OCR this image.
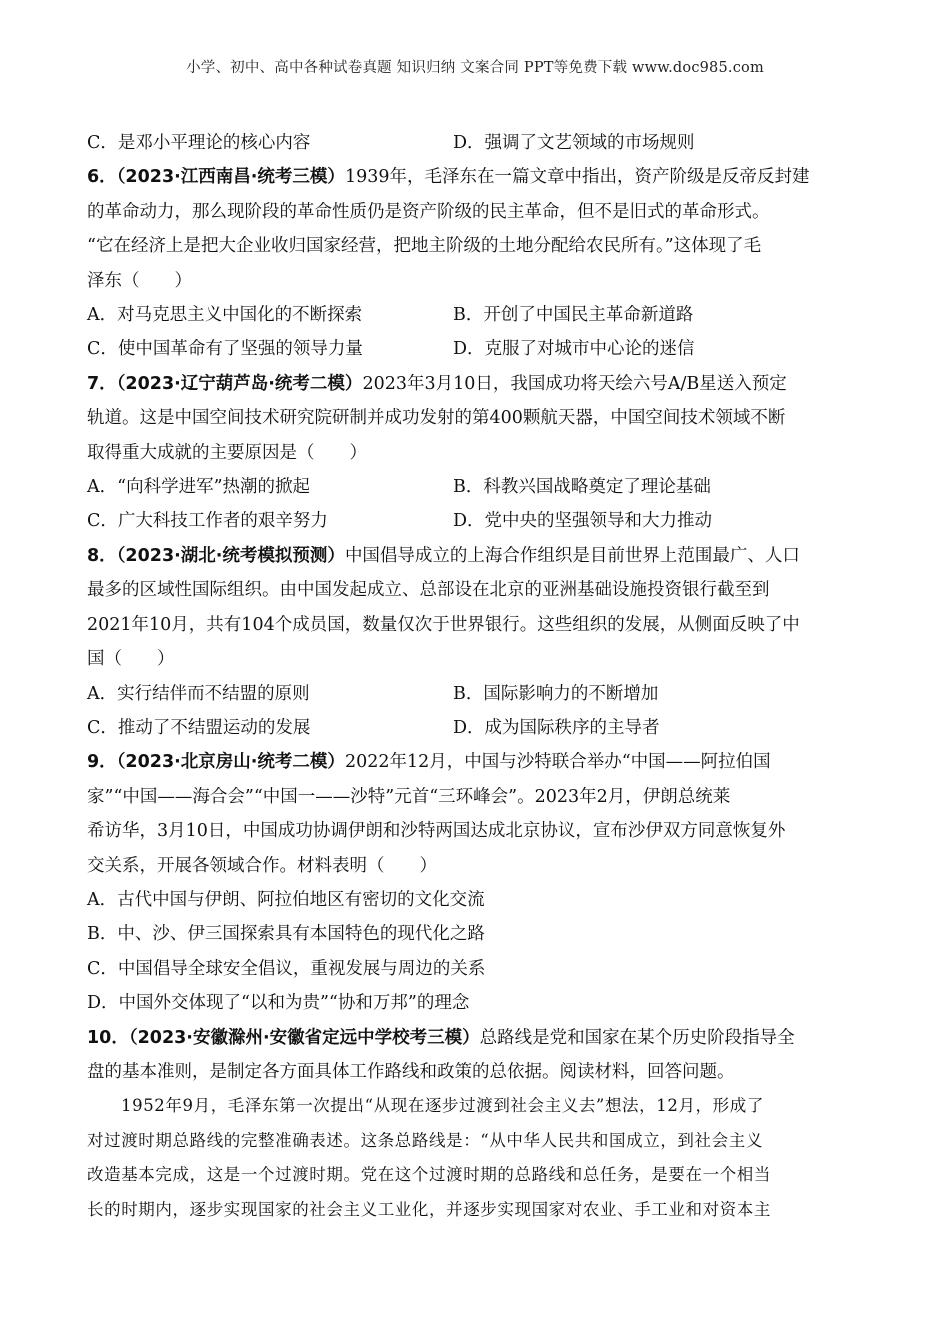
小学、初中、高中各种试卷真题 知识归纳 文案合同 PPT等免费下载 www.doc985.com
C．是邓小平理论的核心内容	D．强调了文艺领域的市场规则
6．（2023·江西南昌·统考三模）1939年，毛泽东在一篇文章中指出，资产阶级是反帝反封建
的革命动力，那么现阶段的革命性质仍是资产阶级的民主革命，但不是旧式的革命形式。
“它在经济上是把大企业收归国家经营，把地主阶级的土地分配给农民所有。”这体现了毛
泽东（　　）
A．对马克思主义中国化的不断探索	B．开创了中国民主革命新道路
C．使中国革命有了坚强的领导力量	D．克服了对城市中心论的迷信
7．（2023·辽宁葫芦岛·统考二模）2023年3月10日，我国成功将天绘六号A/B星送入预定
轨道。这是中国空间技术研究院研制并成功发射的第400颗航天器，中国空间技术领域不断
取得重大成就的主要原因是（　　）
A．“向科学进军”热潮的掀起	B．科教兴国战略奠定了理论基础
C．广大科技工作者的艰辛努力	D．党中央的坚强领导和大力推动
8．（2023·湖北·统考模拟预测）中国倡导成立的上海合作组织是目前世界上范围最广、人口
最多的区域性国际组织。由中国发起成立、总部设在北京的亚洲基础设施投资银行截至到
2021年10月，共有104个成员国，数量仅次于世界银行。这些组织的发展，从侧面反映了中
国（　　）
A．实行结伴而不结盟的原则	B．国际影响力的不断增加
C．推动了不结盟运动的发展	D．成为国际秩序的主导者
9．（2023·北京房山·统考二模）2022年12月，中国与沙特联合举办“中国——阿拉伯国
家”“中国——海合会”“中国一——沙特”元首“三环峰会”。2023年2月，伊朗总统莱
希访华，3月10日，中国成功协调伊朗和沙特两国达成北京协议，宣布沙伊双方同意恢复外
交关系，开展各领域合作。材料表明（　　）
A．古代中国与伊朗、阿拉伯地区有密切的文化交流
B．中、沙、伊三国探索具有本国特色的现代化之路
C．中国倡导全球安全倡议，重视发展与周边的关系
D．中国外交体现了“以和为贵”“协和万邦”的理念
10．（2023·安徽滁州·安徽省定远中学校考三模）总路线是党和国家在某个历史阶段指导全
盘的基本准则，是制定各方面具体工作路线和政策的总依据。阅读材料，回答问题。
1952年9月，毛泽东第一次提出“从现在逐步过渡到社会主义去”想法，12月，形成了
对过渡时期总路线的完整准确表述。这条总路线是：“从中华人民共和国成立，到社会主义
改造基本完成，这是一个过渡时期。党在这个过渡时期的总路线和总任务，是要在一个相当
长的时期内，逐步实现国家的社会主义工业化，并逐步实现国家对农业、手工业和对资本主
